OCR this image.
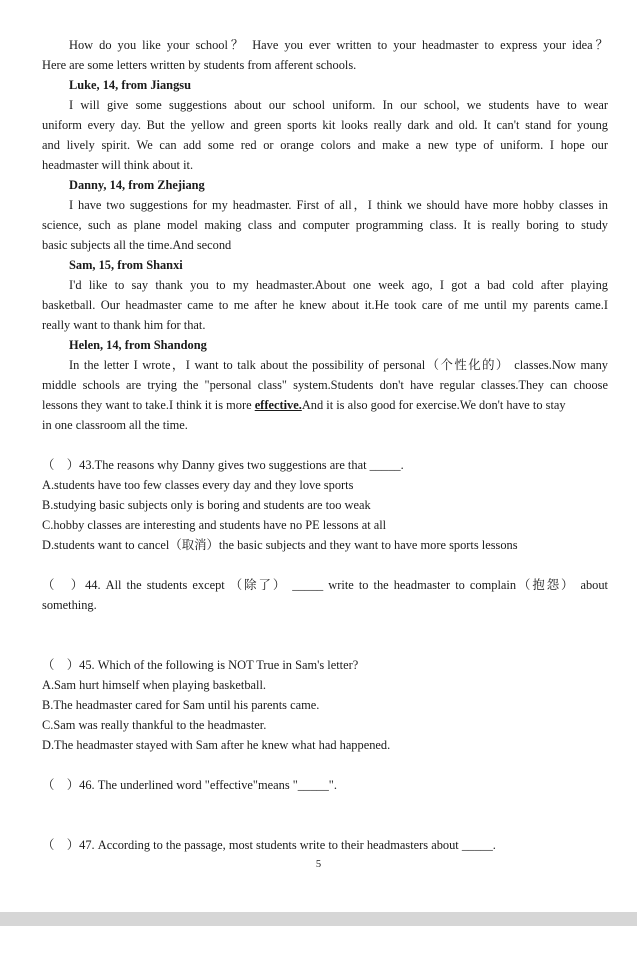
How do you like your school？ Have you ever written to your headmaster to express your idea？
Here are some letters written by students from afferent schools.
Luke, 14, from Jiangsu
I will give some suggestions about our school uniform. In our school, we students have to wear
uniform every day. But the yellow and green sports kit looks really dark and old. It can't stand for young
and lively spirit. We can add some red or orange colors and make a new type of uniform. I hope our
headmaster will think about it.
Danny, 14, from Zhejiang
I have two suggestions for my headmaster. First of all，I think we should have more hobby classes in
science, such as plane model making class and computer programming class. It is really boring to study
basic subjects all the time.And second
Sam, 15, from Shanxi
I'd like to say thank you to my headmaster.About one week ago, I got a bad cold after playing
basketball. Our headmaster came to me after he knew about it.He took care of me until my parents came.I
really want to thank him for that.
Helen, 14, from Shandong
In the letter I wrote，I want to talk about the possibility of personal（个性化的） classes.Now many
middle schools are trying the "personal class" system.Students don't have regular classes.They can choose
lessons they want to take.I think it is more effective.And it is also good for exercise.We don't have to stay
in one classroom all the time.
（　）43.The reasons why Danny gives two suggestions are that _____.
A.students have too few classes every day and they love sports
B.studying basic subjects only is boring and students are too weak
C.hobby classes are interesting and students have no PE lessons at all
D.students want to cancel（取消）the basic subjects and they want to have more sports lessons
（　）44. All the students except （除了） _____ write to the headmaster to complain（抱怨） about
something.
（　）45. Which of the following is NOT True in Sam's letter?
A.Sam hurt himself when playing basketball.
B.The headmaster cared for Sam until his parents came.
C.Sam was really thankful to the headmaster.
D.The headmaster stayed with Sam after he knew what had happened.
（　）46. The underlined word "effective"means "_____".
（　）47. According to the passage, most students write to their headmasters about _____.
5
